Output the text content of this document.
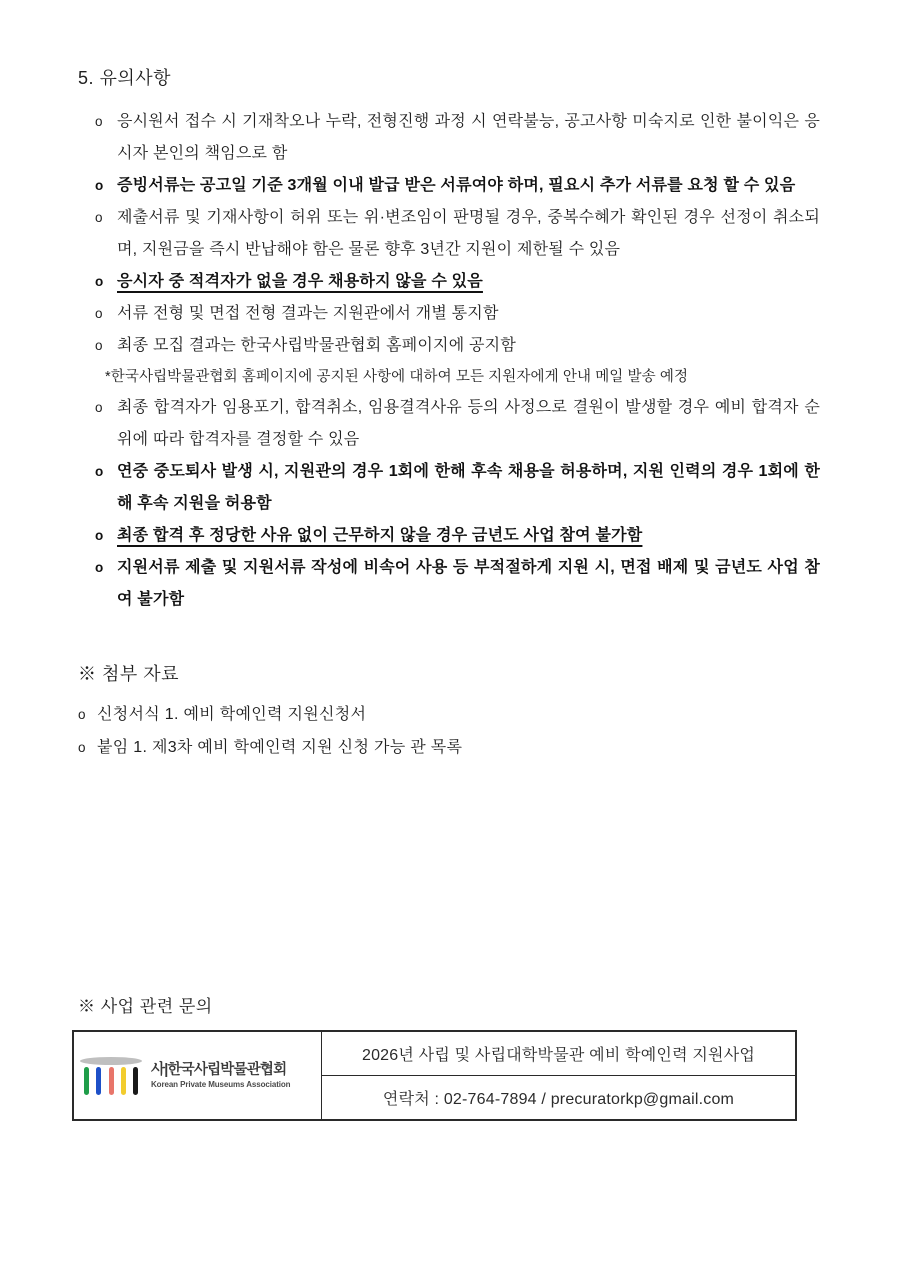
5. 유의사항
o 응시원서 접수 시 기재착오나 누락, 전형진행 과정 시 연락불능, 공고사항 미숙지로 인한 불이익은 응시자 본인의 책임으로 함
o 증빙서류는 공고일 기준 3개월 이내 발급 받은 서류여야 하며, 필요시 추가 서류를 요청 할 수 있음
o 제출서류 및 기재사항이 허위 또는 위·변조임이 판명될 경우, 중복수혜가 확인된 경우 선정이 취소되며, 지원금을 즉시 반납해야 함은 물론 향후 3년간 지원이 제한될 수 있음
o 응시자 중 적격자가 없을 경우 채용하지 않을 수 있음
o 서류 전형 및 면접 전형 결과는 지원관에서 개별 통지함
o 최종 모집 결과는 한국사립박물관협회 홈페이지에 공지함
*한국사립박물관협회 홈페이지에 공지된 사항에 대하여 모든 지원자에게 안내 메일 발송 예정
o 최종 합격자가 임용포기, 합격취소, 임용결격사유 등의 사정으로 결원이 발생할 경우 예비 합격자 순위에 따라 합격자를 결정할 수 있음
o 연중 중도퇴사 발생 시, 지원관의 경우 1회에 한해 후속 채용을 허용하며, 지원 인력의 경우 1회에 한해 후속 지원을 허용함
o 최종 합격 후 정당한 사유 없이 근무하지 않을 경우 금년도 사업 참여 불가함
o 지원서류 제출 및 지원서류 작성에 비속어 사용 등 부적절하게 지원 시, 면접 배제 및 금년도 사업 참여 불가함
※ 첨부 자료
o 신청서식 1. 예비 학예인력 지원신청서
o 붙임 1. 제3차 예비 학예인력 지원 신청 가능 관 목록
※ 사업 관련 문의
사|한국사립박물관협회
Korean Private Museums Association
	2026년 사립 및 사립대학박물관 예비 학예인력 지원사업
연락처 : 02-764-7894 / precuratorkp@gmail.com
